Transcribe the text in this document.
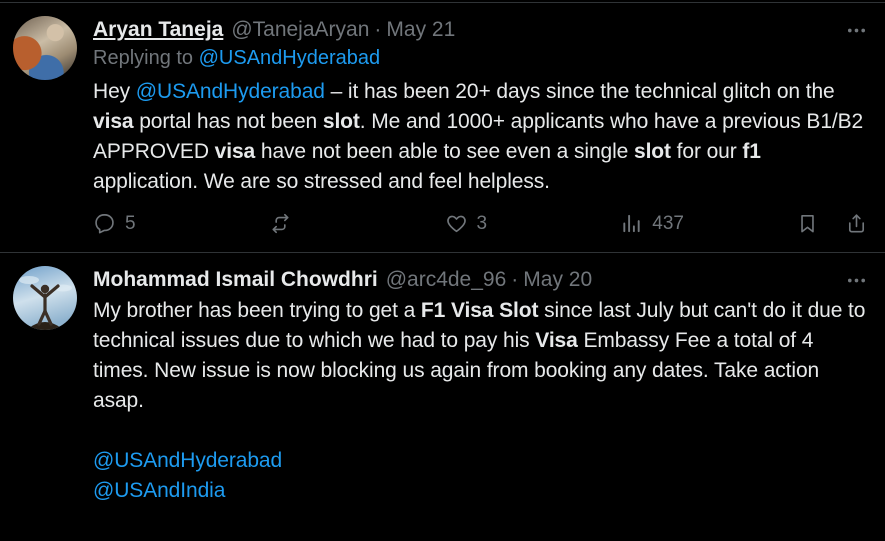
Aryan Taneja @TanejaAryan · May 21
Replying to @USAndHyderabad
Hey @USAndHyderabad – it has been 20+ days since the technical glitch on the visa portal has not been slot. Me and 1000+ applicants who have a previous B1/B2 APPROVED visa have not been able to see even a single slot for our f1 application. We are so stressed and feel helpless.
5	3	437
Mohammad Ismail Chowdhri @arc4de_96 · May 20
My brother has been trying to get a F1 Visa Slot since last July but can't do it due to technical issues due to which we had to pay his Visa Embassy Fee a total of 4 times. New issue is now blocking us again from booking any dates. Take action asap.

@USAndHyderabad
@USAndIndia
